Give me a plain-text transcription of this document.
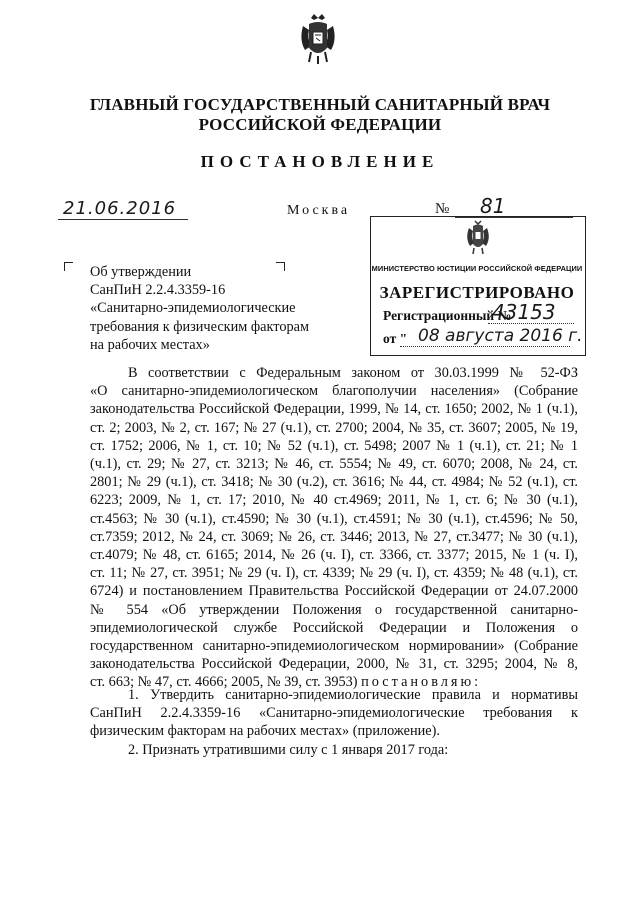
ГЛАВНЫЙ ГОСУДАРСТВЕННЫЙ САНИТАРНЫЙ ВРАЧ
РОССИЙСКОЙ ФЕДЕРАЦИИ
ПОСТАНОВЛЕНИЕ
21.06.2016	Москва	№ 81
МИНИСТЕРСТВО ЮСТИЦИИ РОССИЙСКОЙ ФЕДЕРАЦИИ
ЗАРЕГИСТРИРОВАНО
Регистрационный №
43153
от " 08 августа 2016 г.
Об утверждении
СанПиН 2.2.4.3359-16
«Санитарно-эпидемиологические
требования к физическим факторам
на рабочих местах»
В соответствии с Федеральным законом от 30.03.1999 № 52-ФЗ
«О санитарно-эпидемиологическом благополучии населения» (Собрание
законодательства Российской Федерации, 1999, № 14, ст. 1650; 2002, № 1 (ч.1),
ст. 2; 2003, № 2, ст. 167; № 27 (ч.1), ст. 2700; 2004, № 35, ст. 3607; 2005, № 19,
ст. 1752; 2006, № 1, ст. 10; № 52 (ч.1), ст. 5498; 2007 № 1 (ч.1), ст. 21; № 1
(ч.1), ст. 29; № 27, ст. 3213; № 46, ст. 5554; № 49, ст. 6070; 2008, № 24, ст.
2801; № 29 (ч.1), ст. 3418; № 30 (ч.2), ст. 3616; № 44, ст. 4984; № 52 (ч.1), ст.
6223; 2009, № 1, ст. 17; 2010, № 40 ст.4969; 2011, № 1, ст. 6; № 30 (ч.1),
ст.4563; № 30 (ч.1), ст.4590; № 30 (ч.1), ст.4591; № 30 (ч.1), ст.4596; № 50,
ст.7359; 2012, № 24, ст. 3069; № 26, ст. 3446; 2013, № 27, ст.3477; № 30 (ч.1),
ст.4079; № 48, ст. 6165; 2014, № 26 (ч. I), ст. 3366, ст. 3377; 2015, № 1 (ч. I),
ст. 11; № 27, ст. 3951; № 29 (ч. I), ст. 4339; № 29 (ч. I), ст. 4359; № 48 (ч.1), ст.
6724) и постановлением Правительства Российской Федерации от 24.07.2000
№ 554 «Об утверждении Положения о государственной санитарно-
эпидемиологической службе Российской Федерации и Положения о
государственном санитарно-эпидемиологическом нормировании» (Собрание
законодательства Российской Федерации, 2000, № 31, ст. 3295; 2004, № 8,
ст. 663; № 47, ст. 4666; 2005, № 39, ст. 3953) постановляю:
1. Утвердить санитарно-эпидемиологические правила и нормативы
СанПиН 2.2.4.3359-16 «Санитарно-эпидемиологические требования к
физическим факторам на рабочих местах» (приложение).
2. Признать утратившими силу с 1 января 2017 года:
